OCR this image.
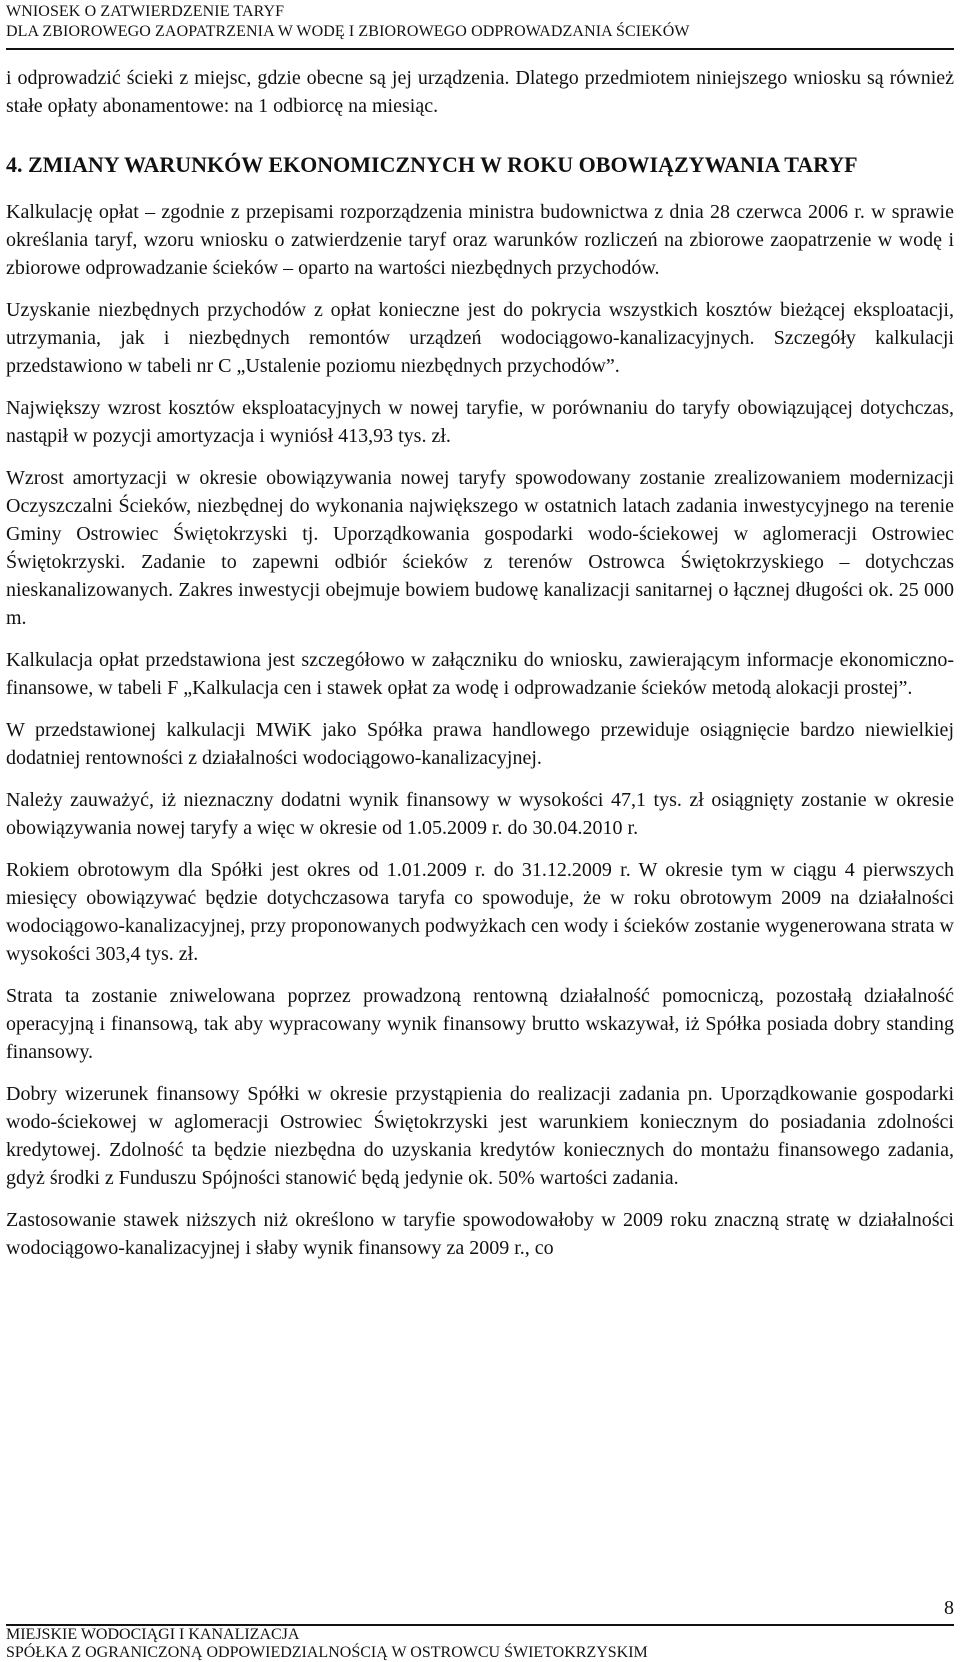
WNIOSEK O ZATWIERDZENIE TARYF
DLA ZBIOROWEGO ZAOPATRZENIA W WODĘ I ZBIOROWEGO ODPROWADZANIA ŚCIEKÓW

i odprowadzić ścieki z miejsc, gdzie obecne są jej urządzenia. Dlatego przedmiotem niniejszego wniosku są również stałe opłaty abonamentowe: na 1 odbiorcę na miesiąc.

4. ZMIANY WARUNKÓW EKONOMICZNYCH W ROKU OBOWIĄZYWANIA TARYF

Kalkulację opłat – zgodnie z przepisami rozporządzenia ministra budownictwa z dnia 28 czerwca 2006 r. w sprawie określania taryf, wzoru wniosku o zatwierdzenie taryf oraz warunków rozliczeń na zbiorowe zaopatrzenie w wodę i zbiorowe odprowadzanie ścieków – oparto na wartości niezbędnych przychodów.

Uzyskanie niezbędnych przychodów z opłat konieczne jest do pokrycia wszystkich kosztów bieżącej eksploatacji, utrzymania, jak i niezbędnych remontów urządzeń wodociągowo-kanalizacyjnych. Szczegóły kalkulacji przedstawiono w tabeli nr C „Ustalenie poziomu niezbędnych przychodów”.

Największy wzrost kosztów eksploatacyjnych w nowej taryfie, w porównaniu do taryfy obowiązującej dotychczas, nastąpił w pozycji amortyzacja i wyniósł 413,93 tys. zł.

Wzrost amortyzacji w okresie obowiązywania nowej taryfy spowodowany zostanie zrealizowaniem modernizacji Oczyszczalni Ścieków, niezbędnej do wykonania największego w ostatnich latach zadania inwestycyjnego na terenie Gminy Ostrowiec Świętokrzyski tj. Uporządkowania gospodarki wodo-ściekowej w aglomeracji Ostrowiec Świętokrzyski. Zadanie to zapewni odbiór ścieków z terenów Ostrowca Świętokrzyskiego – dotychczas nieskanalizowanych. Zakres inwestycji obejmuje bowiem budowę kanalizacji sanitarnej o łącznej długości ok. 25 000 m.

Kalkulacja opłat przedstawiona jest szczegółowo w załączniku do wniosku, zawierającym informacje ekonomiczno-finansowe, w tabeli F „Kalkulacja cen i stawek opłat za wodę i odprowadzanie ścieków metodą alokacji prostej”.

W przedstawionej kalkulacji MWiK jako Spółka prawa handlowego przewiduje osiągnięcie bardzo niewielkiej dodatniej rentowności z działalności wodociągowo-kanalizacyjnej.

Należy zauważyć, iż nieznaczny dodatni wynik finansowy w wysokości 47,1 tys. zł osiągnięty zostanie w okresie obowiązywania nowej taryfy a więc w okresie od 1.05.2009 r. do 30.04.2010 r.

Rokiem obrotowym dla Spółki jest okres od 1.01.2009 r. do 31.12.2009 r. W okresie tym w ciągu 4 pierwszych miesięcy obowiązywać będzie dotychczasowa taryfa co spowoduje, że w roku obrotowym 2009 na działalności wodociągowo-kanalizacyjnej, przy proponowanych podwyżkach cen wody i ścieków zostanie wygenerowana strata w wysokości 303,4 tys. zł.

Strata ta zostanie zniwelowana poprzez prowadzoną rentowną działalność pomocniczą, pozostałą działalność operacyjną i finansową, tak aby wypracowany wynik finansowy brutto wskazywał, iż Spółka posiada dobry standing finansowy.

Dobry wizerunek finansowy Spółki w okresie przystąpienia do realizacji zadania pn. Uporządkowanie gospodarki wodo-ściekowej w aglomeracji Ostrowiec Świętokrzyski jest warunkiem koniecznym do posiadania zdolności kredytowej. Zdolność ta będzie niezbędna do uzyskania kredytów koniecznych do montażu finansowego zadania, gdyż środki z Funduszu Spójności stanowić będą jedynie ok. 50% wartości zadania.

Zastosowanie stawek niższych niż określono w taryfie spowodowałoby w 2009 roku znaczną stratę w działalności wodociągowo-kanalizacyjnej i słaby wynik finansowy za 2009 r., co

8
MIEJSKIE WODOCIĄGI I KANALIZACJA
SPÓŁKA Z OGRANICZONĄ ODPOWIEDZIALNOŚCIĄ W OSTROWCU ŚWIETOKRZYSKIM
